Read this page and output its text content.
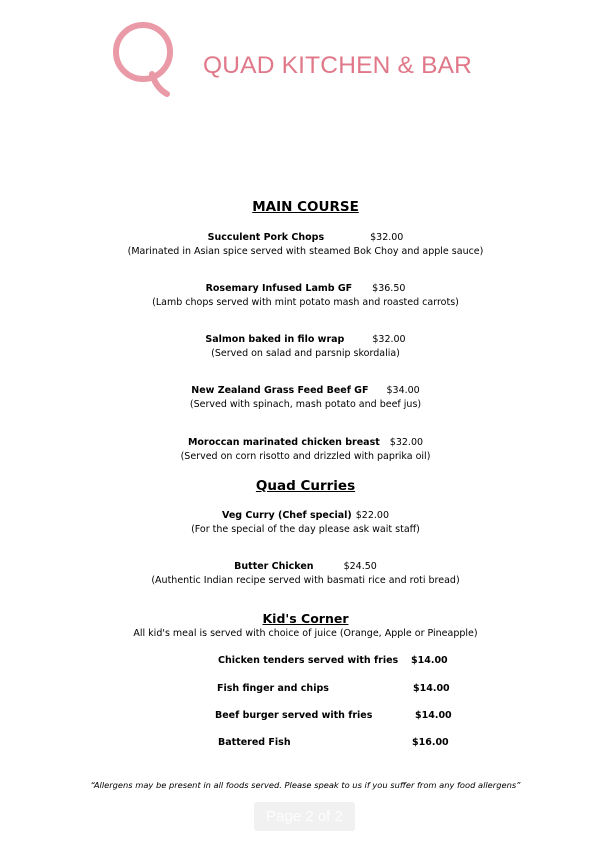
QUAD KITCHEN & BAR
MAIN COURSE
Succulent Pork Chops	$32.00
(Marinated in Asian spice served with steamed Bok Choy and apple sauce)
Rosemary Infused Lamb GF $36.50
(Lamb chops served with mint potato mash and roasted carrots)
Salmon baked in filo wrap	$32.00
(Served on salad and parsnip skordalia)
New Zealand Grass Feed Beef GF $34.00
(Served with spinach, mash potato and beef jus)
Moroccan marinated chicken breast $32.00
(Served on corn risotto and drizzled with paprika oil)
Quad Curries
Veg Curry (Chef special) $22.00
(For the special of the day please ask wait staff)
Butter Chicken	$24.50
(Authentic Indian recipe served with basmati rice and roti bread)
Kid's Corner
All kid's meal is served with choice of juice (Orange, Apple or Pineapple)
Chicken tenders served with fries $14.00
Fish finger and chips	$14.00
Beef burger served with fries	$14.00
Battered Fish	$16.00
“Allergens may be present in all foods served. Please speak to us if you suffer from any food allergens”
Page 2 of 2
